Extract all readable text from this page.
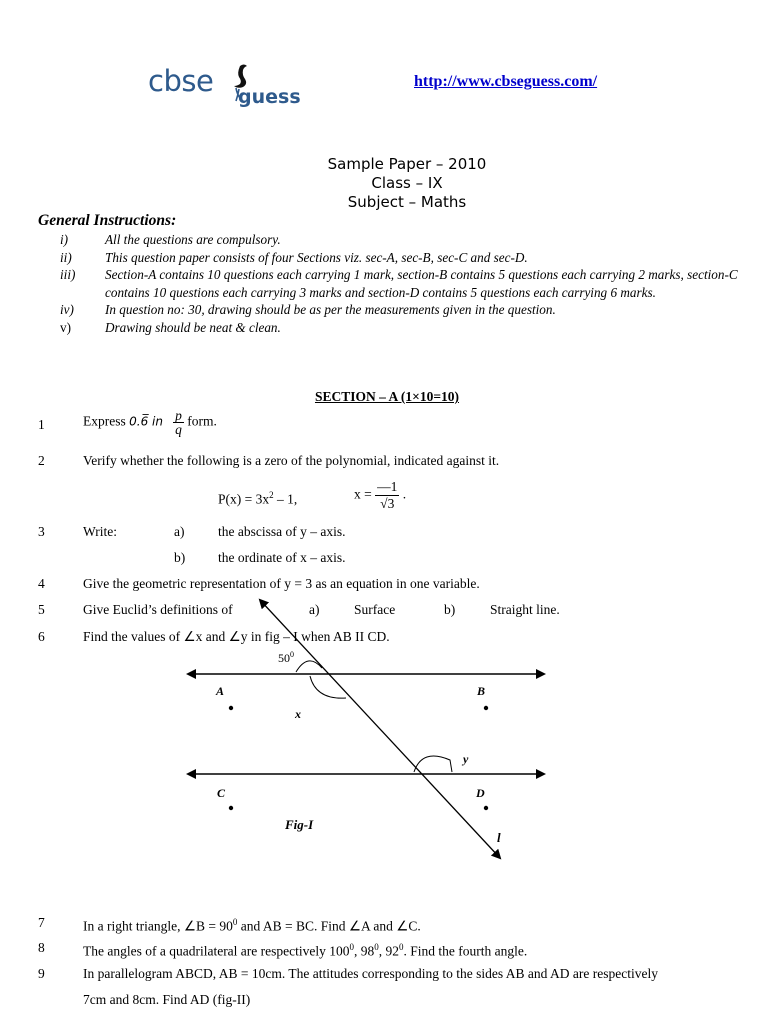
cbse guess
http://www.cbseguess.com/
Sample Paper – 2010
Class – IX
Subject – Maths
General Instructions:
i)	All the questions are compulsory.
ii)	This question paper consists of four Sections viz. sec-A, sec-B, sec-C and sec-D.
iii)	Section-A contains 10 questions each carrying 1 mark, section-B contains 5 questions each carrying 2 marks, section-C contains 10 questions each carrying 3 marks and section-D contains 5 questions each carrying 6 marks.
iv)	In question no: 30, drawing should be as per the measurements given in the question.
v)	Drawing should be neat & clean.
SECTION – A (1×10=10)
1	Express 0.6̅ in $\frac{p}{q}$ form.
2	Verify whether the following is a zero of the polynomial, indicated against it.
$P(x) = 3x^2 - 1$,	$x = \frac{—1}{√3}$ .
3	Write:	a) the abscissa of y – axis.
b) the ordinate of x – axis.
4	Give the geometric representation of y = 3 as an equation in one variable.
5	Give Euclid’s definitions of	a)	Surface	b)	Straight line.
6	Find the values of ∠x and ∠y in fig – I when AB II CD.
$50^0$
A	B
C	D
x
y
l
Fig-I
7	In a right triangle, ∠B = $90^0$ and AB = BC. Find ∠A and ∠C.
8	The angles of a quadrilateral are respectively $100^0$, $98^0$, $92^0$. Find the fourth angle.
9	In parallelogram ABCD, AB = 10cm. The attitudes corresponding to the sides AB and AD are respectively
7cm and 8cm. Find AD (fig-II)
